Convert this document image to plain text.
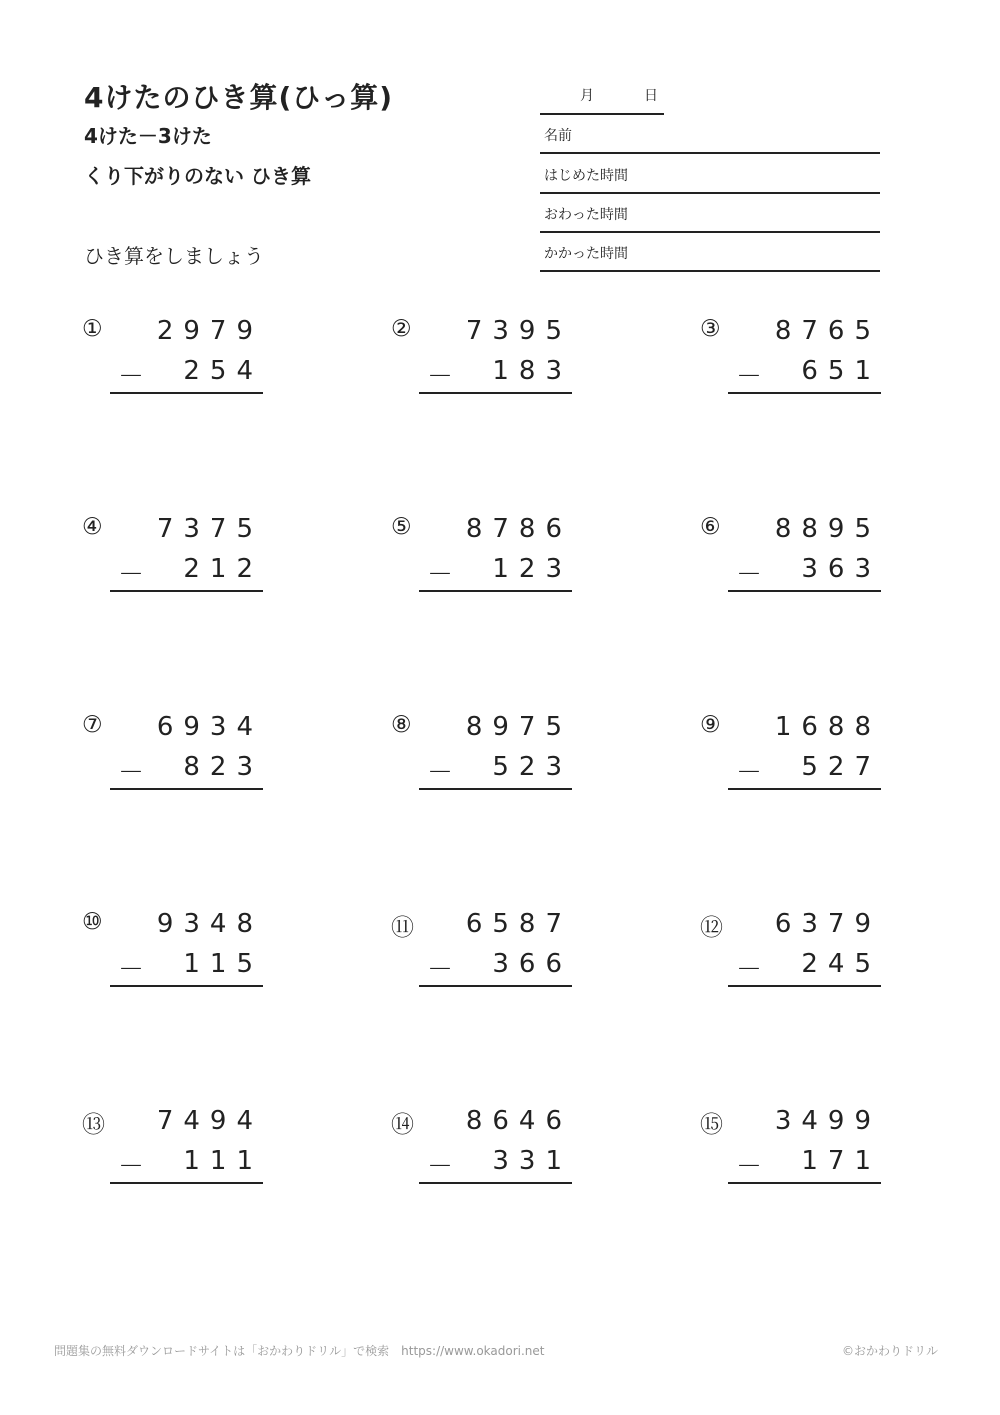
4けたのひき算(ひっ算)
4けた－3けた
くり下がりのない ひき算
ひき算をしましょう
月	日
名前
はじめた時間
おわった時間
かかった時間
① 2979
－ 254
② 7395
－ 183
③ 8765
－ 651
④ 7375
－ 212
⑤ 8786
－ 123
⑥ 8895
－ 363
⑦ 6934
－ 823
⑧ 8975
－ 523
⑨ 1688
－ 527
⑩ 9348
－ 115
⑪ 6587
－ 366
⑫ 6379
－ 245
⑬ 7494
－ 111
⑭ 8646
－ 331
⑮ 3499
－ 171
問題集の無料ダウンロードサイトは「おかわりドリル」で検索　https://www.okadori.net	©おかわりドリル
